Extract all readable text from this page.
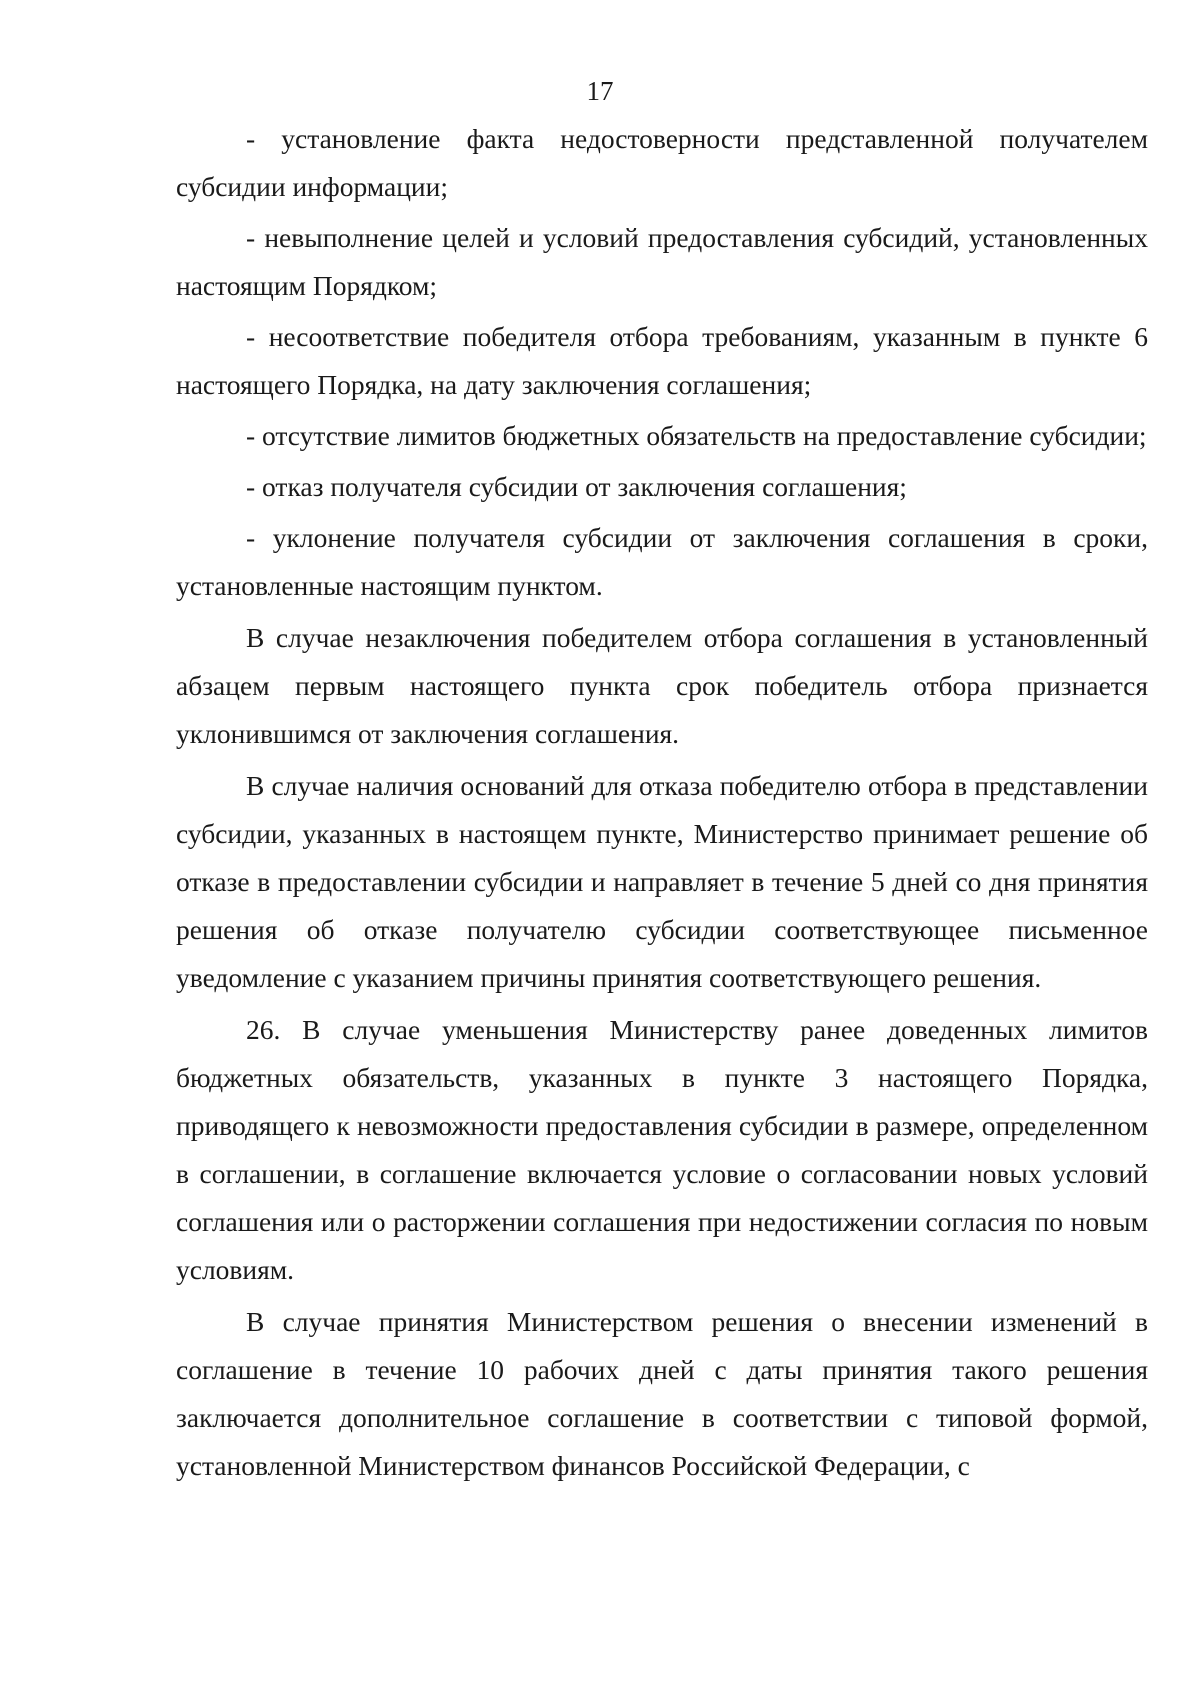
17

- установление факта недостоверности представленной получателем субсидии информации;

- невыполнение целей и условий предоставления субсидий, установленных настоящим Порядком;

- несоответствие победителя отбора требованиям, указанным в пункте 6 настоящего Порядка, на дату заключения соглашения;

- отсутствие лимитов бюджетных обязательств на предоставление субсидии;

- отказ получателя субсидии от заключения соглашения;

- уклонение получателя субсидии от заключения соглашения в сроки, установленные настоящим пунктом.

В случае незаключения победителем отбора соглашения в установленный абзацем первым настоящего пункта срок победитель отбора признается уклонившимся от заключения соглашения.

В случае наличия оснований для отказа победителю отбора в представлении субсидии, указанных в настоящем пункте, Министерство принимает решение об отказе в предоставлении субсидии и направляет в течение 5 дней со дня принятия решения об отказе получателю субсидии соответствующее письменное уведомление с указанием причины принятия соответствующего решения.

26. В случае уменьшения Министерству ранее доведенных лимитов бюджетных обязательств, указанных в пункте 3 настоящего Порядка, приводящего к невозможности предоставления субсидии в размере, определенном в соглашении, в соглашение включается условие о согласовании новых условий соглашения или о расторжении соглашения при недостижении согласия по новым условиям.

В случае принятия Министерством решения о внесении изменений в соглашение в течение 10 рабочих дней с даты принятия такого решения заключается дополнительное соглашение в соответствии с типовой формой, установленной Министерством финансов Российской Федерации, с
